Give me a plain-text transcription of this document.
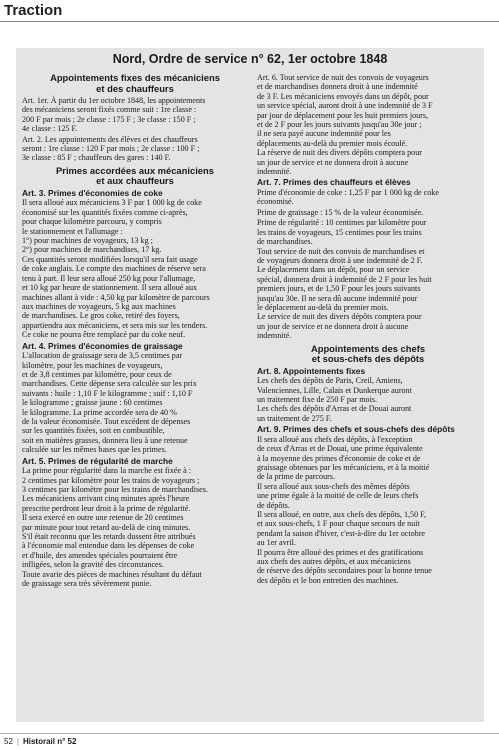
Traction
Nord, Ordre de service n° 62, 1er octobre 1848
Appointements fixes des mécaniciens
et des chauffeurs

Art. 1er. À partir du 1er octobre 1848, les appointements
des mécaniciens seront fixés comme suit : 1re classe :
200 F par mois ; 2e classe : 175 F ; 3e classe : 150 F ;
4e classe : 125 F.

Art. 2. Les appointements des élèves et des chauffeurs
seront : 1re classe : 120 F par mois ; 2e classe : 100 F ;
3e classe : 85 F ; chauffeurs des gares : 140 F.

Primes accordées aux mécaniciens
et aux chauffeurs
Art. 3. Primes d'économies de coke

Il sera alloué aux mécaniciens 3 F par 1 000 kg de coke
économisé sur les quantités fixées comme ci-après,
pour chaque kilomètre parcouru, y compris
le stationnement et l'allumage :
1°) pour machines de voyageurs, 13 kg ;
2°) pour machines de marchandises, 17 kg.
Ces quantités seront modifiées lorsqu'il sera fait usage
de coke anglais. Le compte des machines de réserve sera
tenu à part. Il leur sera alloué 250 kg pour l'allumage,
et 10 kg par heure de stationnement. Il sera alloué aux
machines allant à vide : 4,50 kg par kilomètre de parcours
aux machines de voyageurs, 5 kg aux machines
de marchandises. Le gros coke, retiré des foyers,
appartiendra aux mécaniciens, et sera mis sur les tenders.
Ce coke ne pourra être remplacé par du coke neuf.

Art. 4. Primes d'économies de graissage

L'allocation de graissage sera de 3,5 centimes par
kilomètre, pour les machines de voyageurs,
et de 3,8 centimes par kilomètre, pour ceux de
marchandises. Cette dépense sera calculée sur les prix
suivants : huile : 1,10 F le kilogramme ; suif : 1,10 F
le kilogramme ; graisse jaune : 60 centimes
le kilogramme. La prime accordée sera de 40 %
de la valeur économisée. Tout excédent de dépenses
sur les quantités fixées, soit en combustible,
soit en matières grasses, donnera lieu à une retenue
calculée sur les mêmes bases que les primes.

Art. 5. Primes de régularité de marche

La prime pour régularité dans la marche est fixée à :
2 centimes par kilomètre pour les trains de voyageurs ;
3 centimes par kilomètre pour les trains de marchandises.
Les mécaniciens arrivant cinq minutes après l'heure
prescrite perdront leur droit à la prime de régularité.
Il sera exercé en outre une retenue de 20 centimes
par minute pour tout retard au-delà de cinq minutes.
S'il était reconnu que les retards dussent être attribués
à l'économie mal entendue dans les dépenses de coke
et d'huile, des amendes spéciales pourraient être
infligées, selon la gravité des circonstances.
Toute avarie des pièces de machines résultant du défaut
de graissage sera très sévèrement punie.

Art. 6. Tout service de nuit des convois de voyageurs
et de marchandises donnera droit à une indemnité
de 3 F. Les mécaniciens envoyés dans un dépôt, pour
un service spécial, auront droit à une indemnité de 3 F
par jour de déplacement pour les huit premiers jours,
et de 2 F pour les jours suivants jusqu'au 30e jour ;
il ne sera payé aucune indemnité pour les
déplacements au-delà du premier mois écoulé.
La réserve de nuit des divers dépôts comptera pour
un jour de service et ne donnera droit à aucune
indemnité.

Art. 7. Primes des chauffeurs et élèves

Prime d'économie de coke : 1,25 F par 1 000 kg de coke
économisé.

Prime de graissage : 15 % de la valeur économisée.

Prime de régularité : 10 centimes par kilomètre pour
les trains de voyageurs, 15 centimes pour les trains
de marchandises.
Tout service de nuit des convois de marchandises et
de voyageurs donnera droit à une indemnité de 2 F.
Le déplacement dans un dépôt, pour un service
spécial, donnera droit à indemnité de 2 F pour les huit
premiers jours, et de 1,50 F pour les jours suivants
jusqu'au 30e. Il ne sera dû aucune indemnité pour
le déplacement au-delà du premier mois.
Le service de nuit des divers dépôts comptera pour
un jour de service et ne donnera droit à aucune
indemnité.

Appointements des chefs
et sous-chefs des dépôts
Art. 8. Appointements fixes

Les chefs des dépôts de Paris, Creil, Amiens,
Valenciennes, Lille, Calais et Dunkerque auront
un traitement fixe de 250 F par mois.
Les chefs des dépôts d'Arras et de Douai auront
un traitement de 275 F.

Art. 9. Primes des chefs et sous-chefs des dépôts

Il sera alloué aux chefs des dépôts, à l'exception
de ceux d'Arras et de Douai, une prime équivalente
à la moyenne des primes d'économie de coke et de
graissage obtenues par les mécaniciens, et à la moitié
de la prime de parcours.
Il sera alloué aux sous-chefs des mêmes dépôts
une prime égale à la moitié de celle de leurs chefs
de dépôts.
Il sera alloué, en outre, aux chefs des dépôts, 1,50 F,
et aux sous-chefs, 1 F pour chaque secours de nuit
pendant la saison d'hiver, c'est-à-dire du 1er octobre
au 1er avril.
Il pourra être alloué des primes et des gratifications
aux chefs des autres dépôts, et aux mécaniciens
de réserve des dépôts secondaires pour la bonne tenue
des dépôts et le bon entretien des machines.

52 | Historail n° 52
